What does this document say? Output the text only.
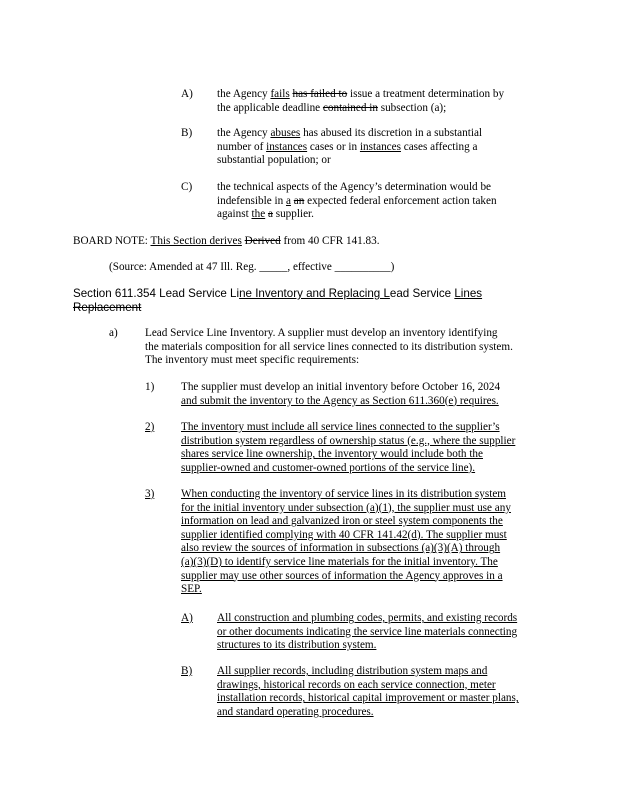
A) the Agency fails has failed to issue a treatment determination by
the applicable deadline contained in subsection (a);
B) the Agency abuses has abused its discretion in a substantial
number of instances cases or in instances cases affecting a
substantial population; or
C) the technical aspects of the Agency’s determination would be
indefensible in a an expected federal enforcement action taken
against the a supplier.
BOARD NOTE: This Section derives Derived from 40 CFR 141.83.
(Source: Amended at 47 Ill. Reg. _____, effective __________)
Section 611.354 Lead Service Line Inventory and Replacing Lead Service Lines
Replacement
a) Lead Service Line Inventory. A supplier must develop an inventory identifying
the materials composition for all service lines connected to its distribution system.
The inventory must meet specific requirements:
1) The supplier must develop an initial inventory before October 16, 2024
and submit the inventory to the Agency as Section 611.360(e) requires.
2) The inventory must include all service lines connected to the supplier’s
distribution system regardless of ownership status (e.g., where the supplier
shares service line ownership, the inventory would include both the
supplier-owned and customer-owned portions of the service line).
3) When conducting the inventory of service lines in its distribution system
for the initial inventory under subsection (a)(1), the supplier must use any
information on lead and galvanized iron or steel system components the
supplier identified complying with 40 CFR 141.42(d). The supplier must
also review the sources of information in subsections (a)(3)(A) through
(a)(3)(D) to identify service line materials for the initial inventory. The
supplier may use other sources of information the Agency approves in a
SEP.
A) All construction and plumbing codes, permits, and existing records
or other documents indicating the service line materials connecting
structures to its distribution system.
B) All supplier records, including distribution system maps and
drawings, historical records on each service connection, meter
installation records, historical capital improvement or master plans,
and standard operating procedures.
